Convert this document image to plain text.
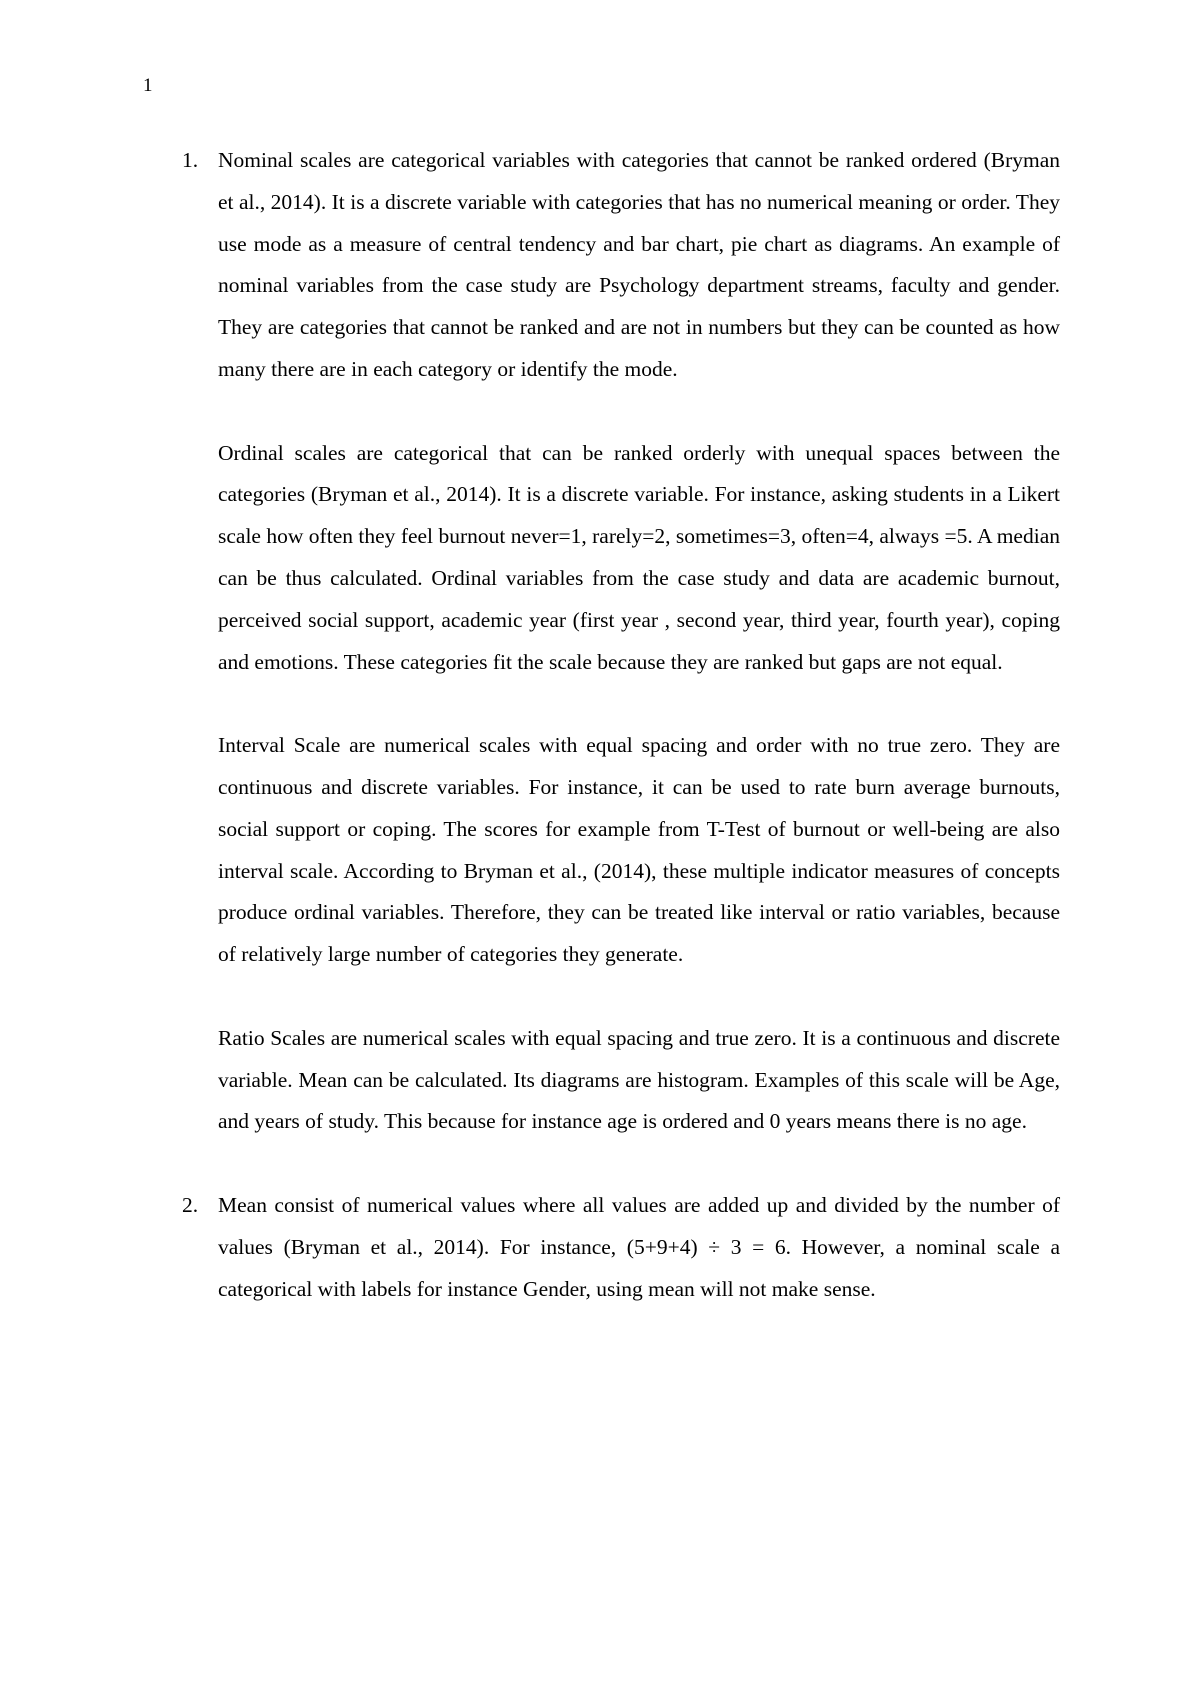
1
1. Nominal scales are categorical variables with categories that cannot be ranked ordered (Bryman et al., 2014). It is a discrete variable with categories that has no numerical meaning or order. They use mode as a measure of central tendency and bar chart, pie chart as diagrams. An example of nominal variables from the case study are Psychology department streams, faculty and gender. They are categories that cannot be ranked and are not in numbers but they can be counted as how many there are in each category or identify the mode.

Ordinal scales are categorical that can be ranked orderly with unequal spaces between the categories (Bryman et al., 2014). It is a discrete variable. For instance, asking students in a Likert scale how often they feel burnout never=1, rarely=2, sometimes=3, often=4, always =5. A median can be thus calculated. Ordinal variables from the case study and data are academic burnout, perceived social support, academic year (first year , second year, third year, fourth year), coping and emotions. These categories fit the scale because they are ranked but gaps are not equal.

Interval Scale are numerical scales with equal spacing and order with no true zero. They are continuous and discrete variables. For instance, it can be used to rate burn average burnouts, social support or coping. The scores for example from T-Test of burnout or well-being are also interval scale. According to Bryman et al., (2014), these multiple indicator measures of concepts produce ordinal variables. Therefore, they can be treated like interval or ratio variables, because of relatively large number of categories they generate.

Ratio Scales are numerical scales with equal spacing and true zero. It is a continuous and discrete variable. Mean can be calculated. Its diagrams are histogram. Examples of this scale will be Age, and years of study. This because for instance age is ordered and 0 years means there is no age.

2. Mean consist of numerical values where all values are added up and divided by the number of values (Bryman et al., 2014). For instance, (5+9+4) ÷ 3 = 6. However, a nominal scale a categorical with labels for instance Gender, using mean will not make sense.
